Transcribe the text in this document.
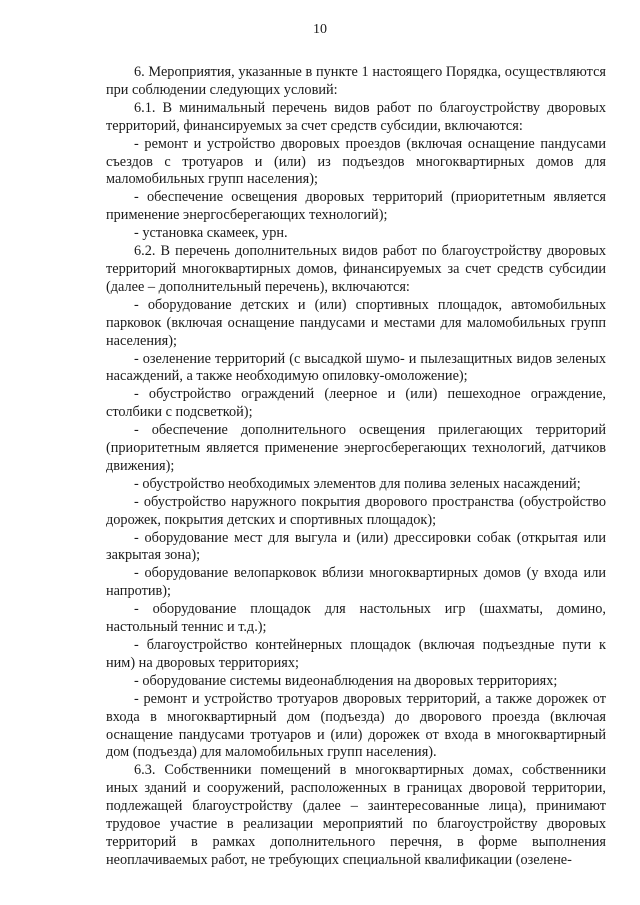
10

6. Мероприятия, указанные в пункте 1 настоящего Порядка, осуществляются при соблюдении следующих условий:

6.1. В минимальный перечень видов работ по благоустройству дворовых территорий, финансируемых за счет средств субсидии, включаются:

- ремонт и устройство дворовых проездов (включая оснащение пандусами съездов с тротуаров и (или) из подъездов многоквартирных домов для маломобильных групп населения);

- обеспечение освещения дворовых территорий (приоритетным является применение энергосберегающих технологий);

- установка скамеек, урн.

6.2. В перечень дополнительных видов работ по благоустройству дворовых территорий многоквартирных домов, финансируемых за счет средств субсидии (далее – дополнительный перечень), включаются:

- оборудование детских и (или) спортивных площадок, автомобильных парковок (включая оснащение пандусами и местами для маломобильных групп населения);

- озеленение территорий (с высадкой шумо- и пылезащитных видов зеленых насаждений, а также необходимую опиловку-омоложение);

- обустройство ограждений (леерное и (или) пешеходное ограждение, столбики с подсветкой);

- обеспечение дополнительного освещения прилегающих территорий (приоритетным является применение энергосберегающих технологий, датчиков движения);

- обустройство необходимых элементов для полива зеленых насаждений;

- обустройство наружного покрытия дворового пространства (обустройство дорожек, покрытия детских и спортивных площадок);

- оборудование мест для выгула и (или) дрессировки собак (открытая или закрытая зона);

- оборудование велопарковок вблизи многоквартирных домов (у входа или напротив);

- оборудование площадок для настольных игр (шахматы, домино, настольный теннис и т.д.);

- благоустройство контейнерных площадок (включая подъездные пути к ним) на дворовых территориях;

- оборудование системы видеонаблюдения на дворовых территориях;

- ремонт и устройство тротуаров дворовых территорий, а также дорожек от входа в многоквартирный дом (подъезда) до дворового проезда (включая оснащение пандусами тротуаров и (или) дорожек от входа в многоквартирный дом (подъезда) для маломобильных групп населения).

6.3. Собственники помещений в многоквартирных домах, собственники иных зданий и сооружений, расположенных в границах дворовой территории, подлежащей благоустройству (далее – заинтересованные лица), принимают трудовое участие в реализации мероприятий по благоустройству дворовых территорий в рамках дополнительного перечня, в форме выполнения неоплачиваемых работ, не требующих специальной квалификации (озелене-
